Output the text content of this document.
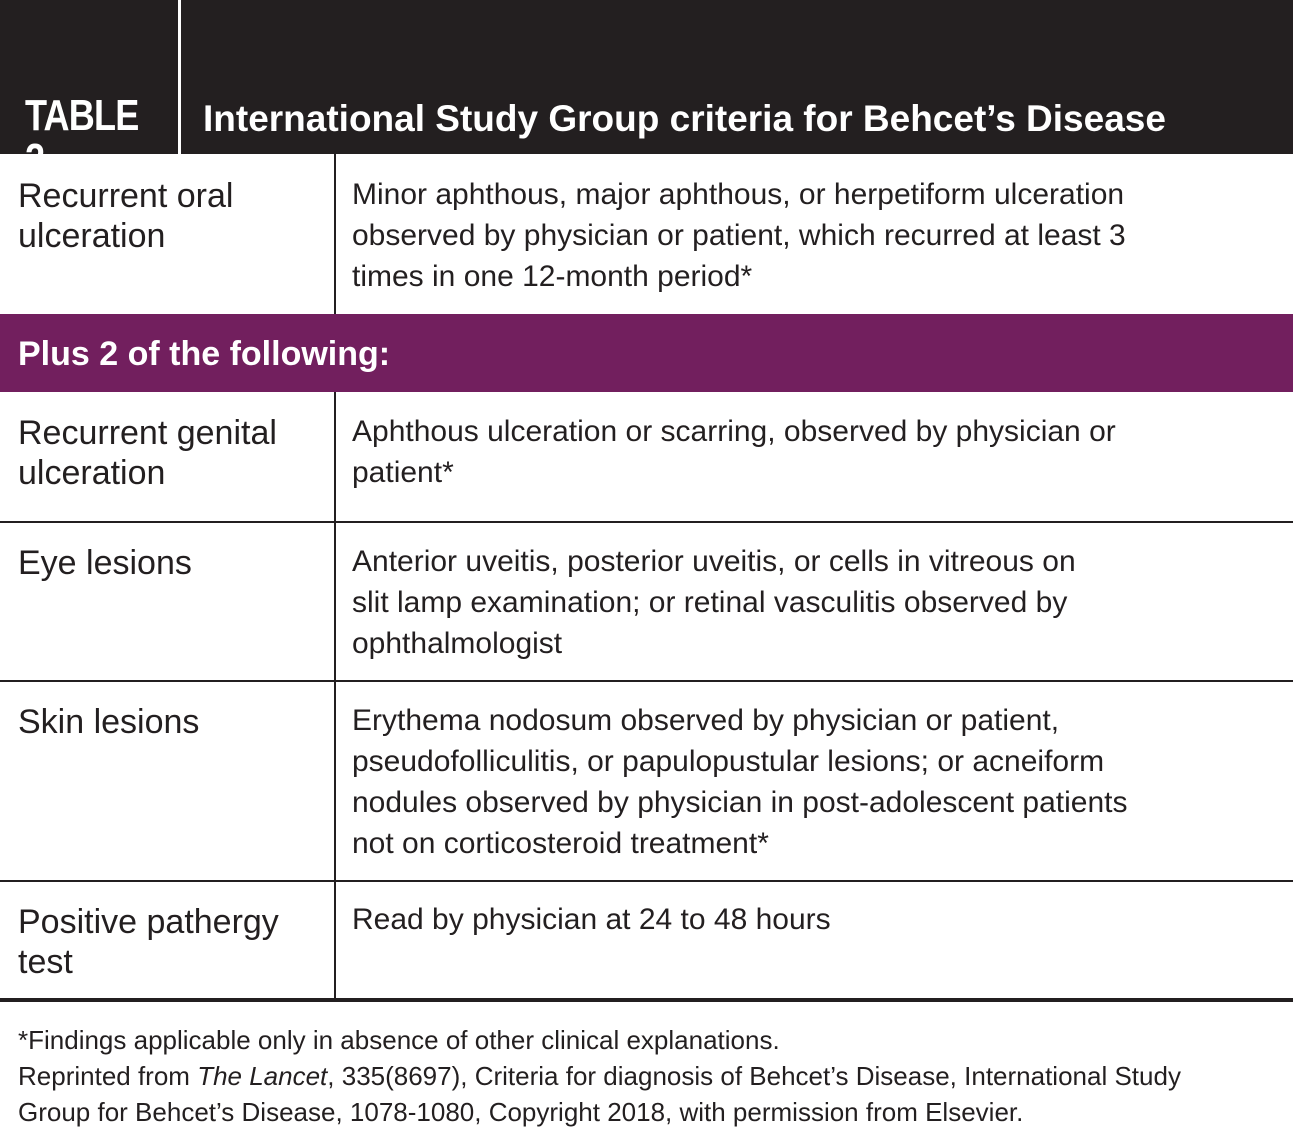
TABLE 2
International Study Group criteria for Behcet’s Disease
Recurrent oral
ulceration
Minor aphthous, major aphthous, or herpetiform ulceration
observed by physician or patient, which recurred at least 3
times in one 12-month period*
Plus 2 of the following:
Recurrent genital
ulceration
Aphthous ulceration or scarring, observed by physician or
patient*
Eye lesions	Anterior uveitis, posterior uveitis, or cells in vitreous on
slit lamp examination; or retinal vasculitis observed by
ophthalmologist
Skin lesions	Erythema nodosum observed by physician or patient,
pseudofolliculitis, or papulopustular lesions; or acneiform
nodules observed by physician in post-adolescent patients
not on corticosteroid treatment*
Positive pathergy
test
Read by physician at 24 to 48 hours
*Findings applicable only in absence of other clinical explanations.
Reprinted from The Lancet, 335(8697), Criteria for diagnosis of Behcet’s Disease, International Study
Group for Behcet’s Disease, 1078-1080, Copyright 2018, with permission from Elsevier.
